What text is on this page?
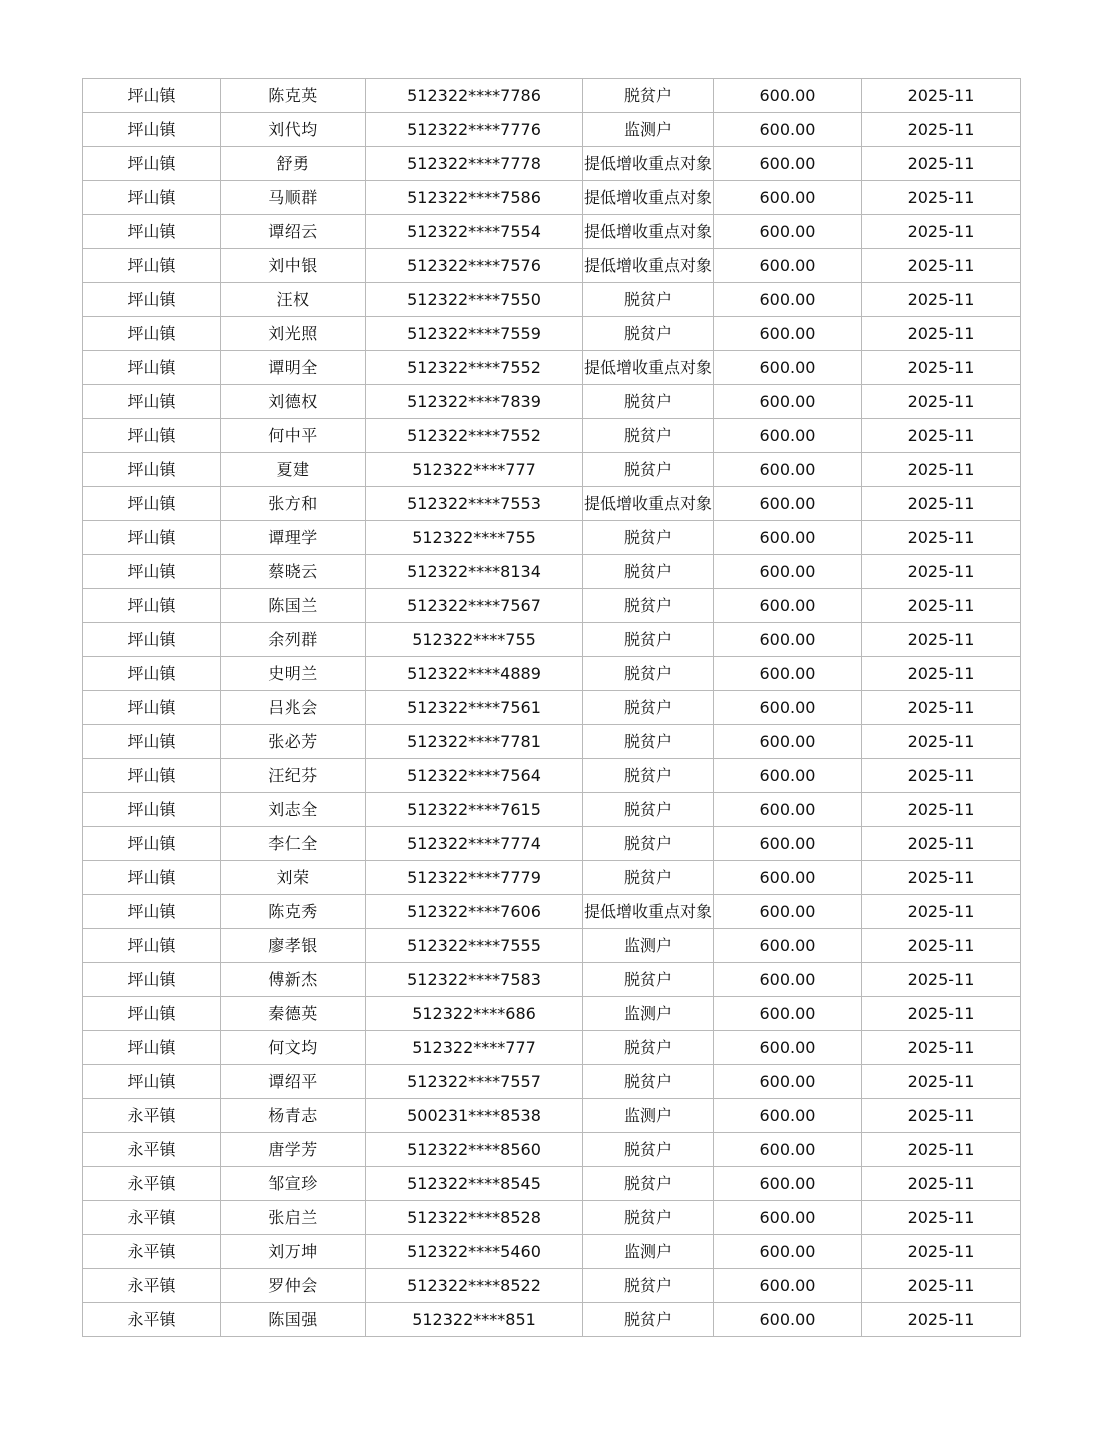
坪山镇	陈克英	512322****7786	脱贫户	600.00	2025-11
坪山镇	刘代均	512322****7776	监测户	600.00	2025-11
坪山镇	舒勇	512322****7778	提低增收重点对象	600.00	2025-11
坪山镇	马顺群	512322****7586	提低增收重点对象	600.00	2025-11
坪山镇	谭绍云	512322****7554	提低增收重点对象	600.00	2025-11
坪山镇	刘中银	512322****7576	提低增收重点对象	600.00	2025-11
坪山镇	汪权	512322****7550	脱贫户	600.00	2025-11
坪山镇	刘光照	512322****7559	脱贫户	600.00	2025-11
坪山镇	谭明全	512322****7552	提低增收重点对象	600.00	2025-11
坪山镇	刘德权	512322****7839	脱贫户	600.00	2025-11
坪山镇	何中平	512322****7552	脱贫户	600.00	2025-11
坪山镇	夏建	512322****777	脱贫户	600.00	2025-11
坪山镇	张方和	512322****7553	提低增收重点对象	600.00	2025-11
坪山镇	谭理学	512322****755	脱贫户	600.00	2025-11
坪山镇	蔡晓云	512322****8134	脱贫户	600.00	2025-11
坪山镇	陈国兰	512322****7567	脱贫户	600.00	2025-11
坪山镇	余列群	512322****755	脱贫户	600.00	2025-11
坪山镇	史明兰	512322****4889	脱贫户	600.00	2025-11
坪山镇	吕兆会	512322****7561	脱贫户	600.00	2025-11
坪山镇	张必芳	512322****7781	脱贫户	600.00	2025-11
坪山镇	汪纪芬	512322****7564	脱贫户	600.00	2025-11
坪山镇	刘志全	512322****7615	脱贫户	600.00	2025-11
坪山镇	李仁全	512322****7774	脱贫户	600.00	2025-11
坪山镇	刘荣	512322****7779	脱贫户	600.00	2025-11
坪山镇	陈克秀	512322****7606	提低增收重点对象	600.00	2025-11
坪山镇	廖孝银	512322****7555	监测户	600.00	2025-11
坪山镇	傅新杰	512322****7583	脱贫户	600.00	2025-11
坪山镇	秦德英	512322****686	监测户	600.00	2025-11
坪山镇	何文均	512322****777	脱贫户	600.00	2025-11
坪山镇	谭绍平	512322****7557	脱贫户	600.00	2025-11
永平镇	杨青志	500231****8538	监测户	600.00	2025-11
永平镇	唐学芳	512322****8560	脱贫户	600.00	2025-11
永平镇	邹宣珍	512322****8545	脱贫户	600.00	2025-11
永平镇	张启兰	512322****8528	脱贫户	600.00	2025-11
永平镇	刘万坤	512322****5460	监测户	600.00	2025-11
永平镇	罗仲会	512322****8522	脱贫户	600.00	2025-11
永平镇	陈国强	512322****851	脱贫户	600.00	2025-11
